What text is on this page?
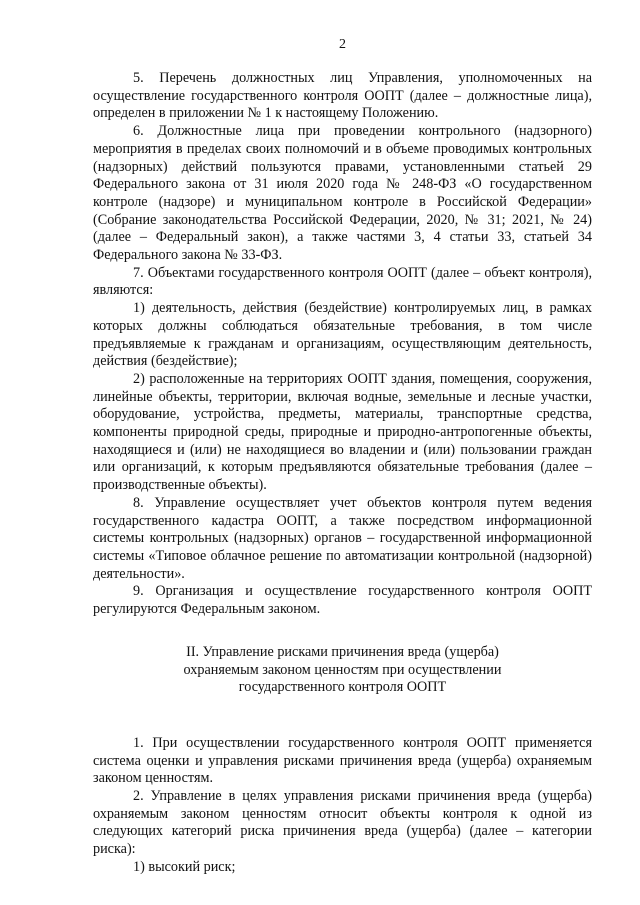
2

5. Перечень должностных лиц Управления, уполномоченных на осуществление государственного контроля ООПТ (далее – должностные лица), определен в приложении № 1 к настоящему Положению.

6. Должностные лица при проведении контрольного (надзорного) мероприятия в пределах своих полномочий и в объеме проводимых контрольных (надзорных) действий пользуются правами, установленными статьей 29 Федерального закона от 31 июля 2020 года № 248-ФЗ «О государственном контроле (надзоре) и муниципальном контроле в Российской Федерации» (Собрание законодательства Российской Федерации, 2020, № 31; 2021, № 24) (далее – Федеральный закон), а также частями 3, 4 статьи 33, статьей 34 Федерального закона № 33-ФЗ.

7. Объектами государственного контроля ООПТ (далее – объект контроля), являются:

1) деятельность, действия (бездействие) контролируемых лиц, в рамках которых должны соблюдаться обязательные требования, в том числе предъявляемые к гражданам и организациям, осуществляющим деятельность, действия (бездействие);

2) расположенные на территориях ООПТ здания, помещения, сооружения, линейные объекты, территории, включая водные, земельные и лесные участки, оборудование, устройства, предметы, материалы, транспортные средства, компоненты природной среды, природные и природно-антропогенные объекты, находящиеся и (или) не находящиеся во владении и (или) пользовании граждан или организаций, к которым предъявляются обязательные требования (далее – производственные объекты).

8. Управление осуществляет учет объектов контроля путем ведения государственного кадастра ООПТ, а также посредством информационной системы контрольных (надзорных) органов – государственной информационной системы «Типовое облачное решение по автоматизации контрольной (надзорной) деятельности».

9. Организация и осуществление государственного контроля ООПТ регулируются Федеральным законом.

II. Управление рисками причинения вреда (ущерба)
охраняемым законом ценностям при осуществлении
государственного контроля ООПТ

1. При осуществлении государственного контроля ООПТ применяется система оценки и управления рисками причинения вреда (ущерба) охраняемым законом ценностям.

2. Управление в целях управления рисками причинения вреда (ущерба) охраняемым законом ценностям относит объекты контроля к одной из следующих категорий риска причинения вреда (ущерба) (далее – категории риска):

1) высокий риск;
